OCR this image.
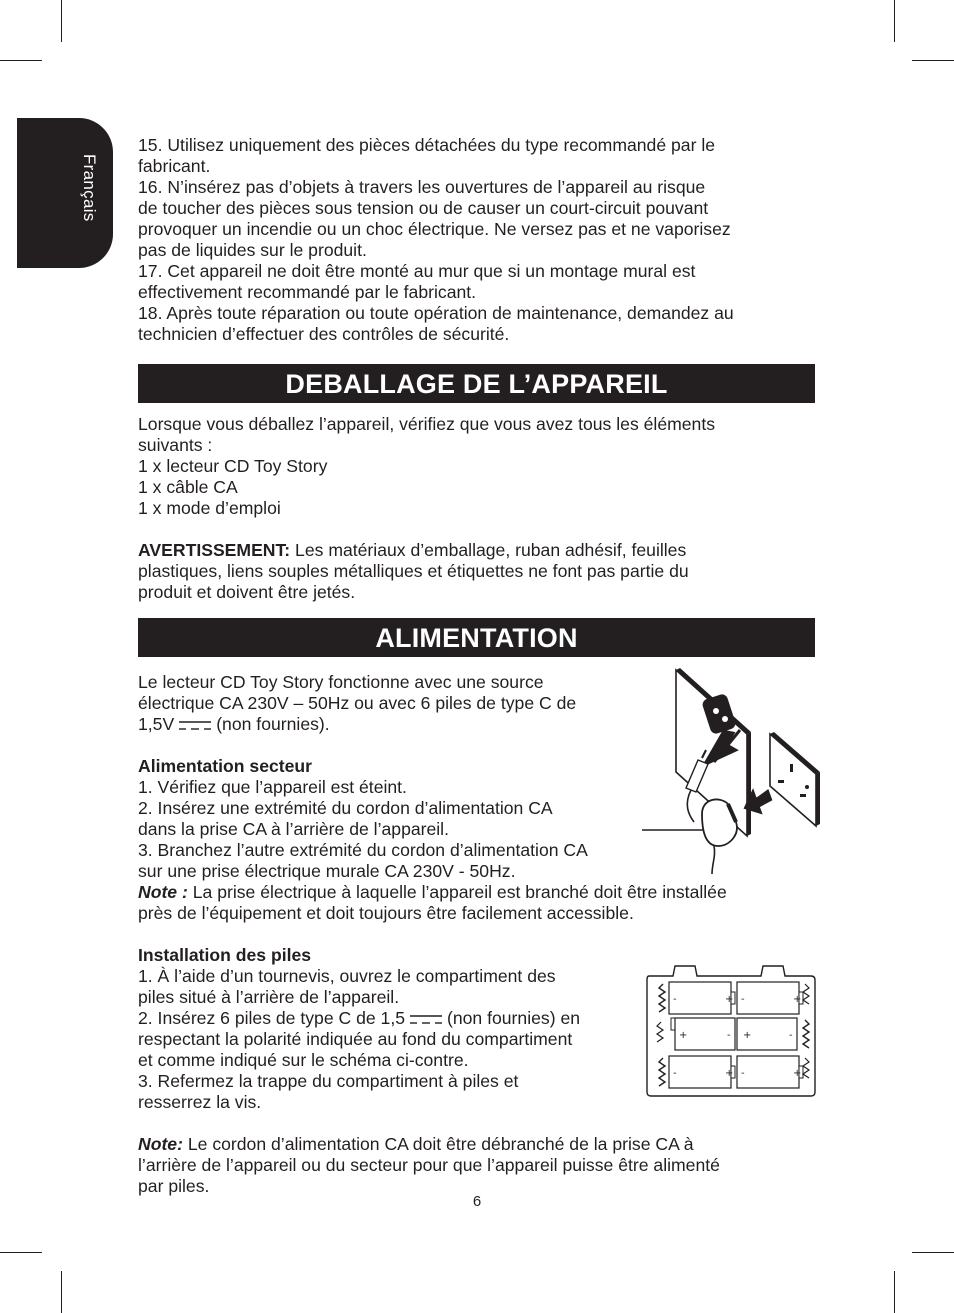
Français

15. Utilisez uniquement des pièces détachées du type recommandé par le

fabricant.

16. N’insérez pas d’objets à travers les ouvertures de l’appareil au risque

de toucher des pièces sous tension ou de causer un court-circuit pouvant

provoquer un incendie ou un choc électrique. Ne versez pas et ne vaporisez

pas de liquides sur le produit.

17. Cet appareil ne doit être monté au mur que si un montage mural est

effectivement recommandé par le fabricant.

18. Après toute réparation ou toute opération de maintenance, demandez au

technicien d’effectuer des contrôles de sécurité.

DEBALLAGE DE L’APPAREIL

Lorsque vous déballez l’appareil, vérifiez que vous avez tous les éléments

suivants :

1 x lecteur CD Toy Story

1 x câble CA

1 x mode d’emploi

AVERTISSEMENT: Les matériaux d’emballage, ruban adhésif, feuilles

plastiques, liens souples métalliques et étiquettes ne font pas partie du

produit et doivent être jetés.

ALIMENTATION

Le lecteur CD Toy Story fonctionne avec une source

électrique CA 230V – 50Hz ou avec 6 piles de type C de

1,5V (non fournies).

Alimentation secteur

1. Vérifiez que l’appareil est éteint.

2. Insérez une extrémité du cordon d’alimentation CA

dans la prise CA à l’arrière de l’appareil.

3. Branchez l’autre extrémité du cordon d’alimentation CA

sur une prise électrique murale CA 230V - 50Hz.

Note : La prise électrique à laquelle l’appareil est branché doit être installée

près de l’équipement et doit toujours être facilement accessible.

Installation des piles

1. À l’aide d’un tournevis, ouvrez le compartiment des

piles situé à l’arrière de l’appareil.

2. Insérez 6 piles de type C de 1,5 (non fournies) en

respectant la polarité indiquée au fond du compartiment

et comme indiqué sur le schéma ci-contre.

3. Refermez la trappe du compartiment à piles et

resserrez la vis.

Note: Le cordon d’alimentation CA doit être débranché de la prise CA à

l’arrière de l’appareil ou du secteur pour que l’appareil puisse être alimenté

par piles.

6
-	+ -	+
+	- +	-
-	+ -	+
